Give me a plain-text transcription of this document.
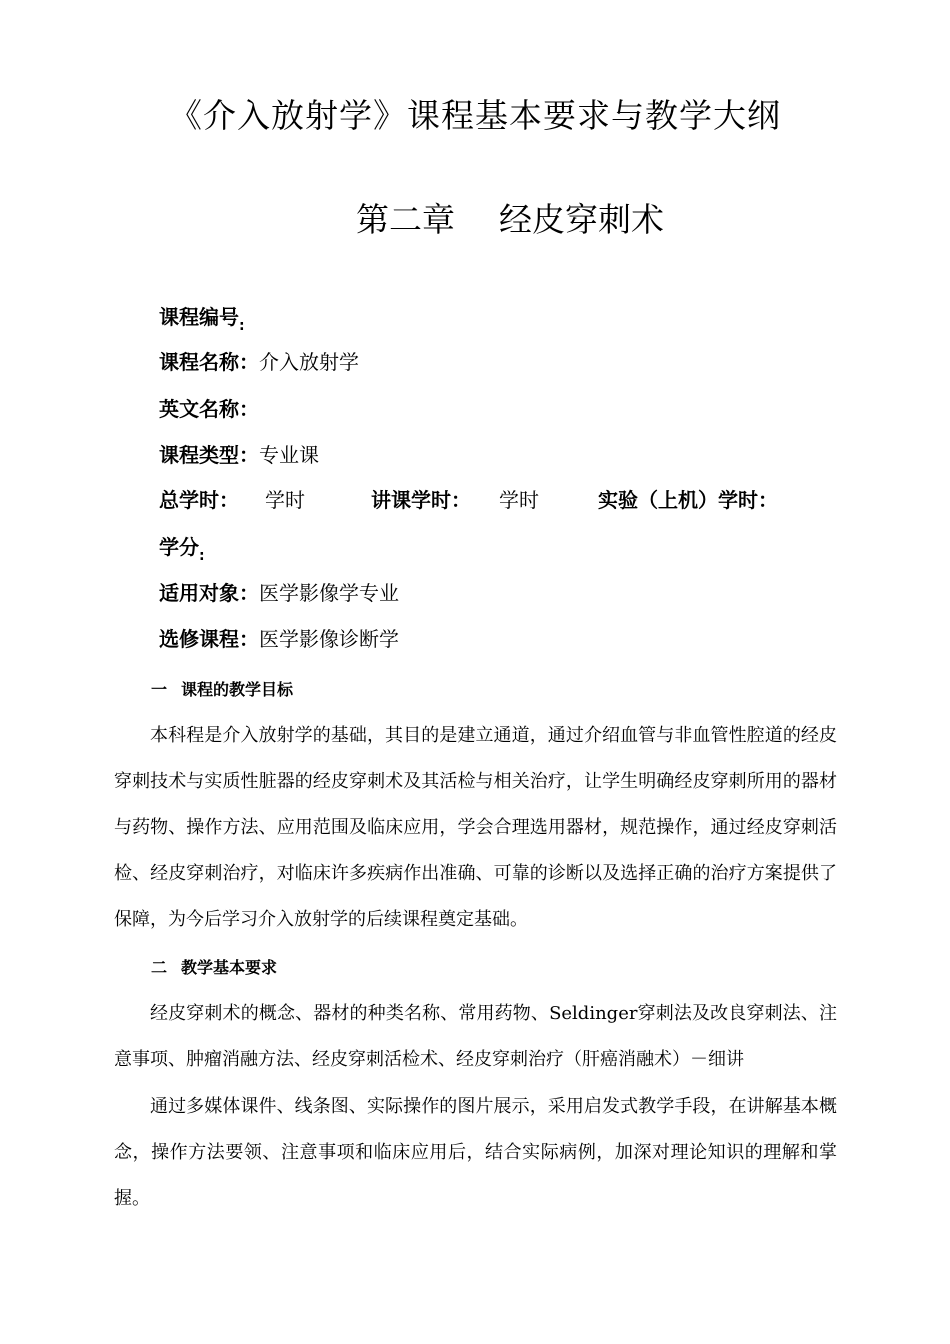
《介入放射学》课程基本要求与教学大纲
第二章 经皮穿刺术
课程编号$_:$
课程名称：介入放射学
英文名称：
课程类型：专业课
总学时： 学时	讲课学时： 学时	实验（上机）学时：
学分$_:$
适用对象：医学影像学专业
选修课程：医学影像诊断学
一 课程的教学目标

本科程是介入放射学的基础，其目的是建立通道，通过介绍血管与非血管性腔道的经皮穿刺技术与实质性脏器的经皮穿刺术及其活检与相关治疗，让学生明确经皮穿刺所用的器材与药物、操作方法、应用范围及临床应用，学会合理选用器材，规范操作，通过经皮穿刺活检、经皮穿刺治疗，对临床许多疾病作出准确、可靠的诊断以及选择正确的治疗方案提供了保障，为今后学习介入放射学的后续课程奠定基础。

二 教学基本要求

经皮穿刺术的概念、器材的种类名称、常用药物、Seldinger穿刺法及改良穿刺法、注意事项、肿瘤消融方法、经皮穿刺活检术、经皮穿刺治疗（肝癌消融术）－细讲

通过多媒体课件、线条图、实际操作的图片展示，采用启发式教学手段，在讲解基本概念，操作方法要领、注意事项和临床应用后，结合实际病例，加深对理论知识的理解和掌握。
